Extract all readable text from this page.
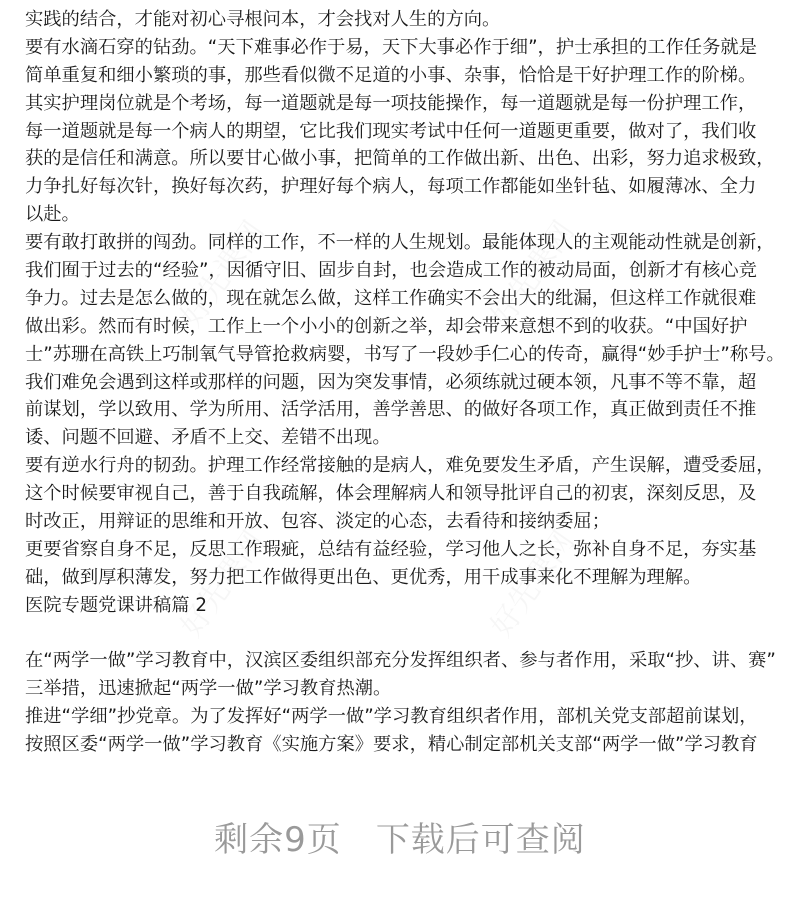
实践的结合，才能对初心寻根问本，才会找对人生的方向。
要有水滴石穿的钻劲。“天下难事必作于易，天下大事必作于细”，护士承担的工作任务就是
简单重复和细小繁琐的事，那些看似微不足道的小事、杂事，恰恰是干好护理工作的阶梯。
其实护理岗位就是个考场，每一道题就是每一项技能操作，每一道题就是每一份护理工作，
每一道题就是每一个病人的期望，它比我们现实考试中任何一道题更重要，做对了，我们收
获的是信任和满意。所以要甘心做小事，把简单的工作做出新、出色、出彩，努力追求极致，
力争扎好每次针，换好每次药，护理好每个病人，每项工作都能如坐针毡、如履薄冰、全力
以赴。
要有敢打敢拼的闯劲。同样的工作，不一样的人生规划。最能体现人的主观能动性就是创新，
我们囿于过去的“经验”，因循守旧、固步自封，也会造成工作的被动局面，创新才有核心竞
争力。过去是怎么做的，现在就怎么做，这样工作确实不会出大的纰漏，但这样工作就很难
做出彩。然而有时候，工作上一个小小的创新之举，却会带来意想不到的收获。“中国好护
士”苏珊在高铁上巧制氧气导管抢救病婴，书写了一段妙手仁心的传奇，赢得“妙手护士”称号。
我们难免会遇到这样或那样的问题，因为突发事情，必须练就过硬本领，凡事不等不靠，超
前谋划，学以致用、学为所用、活学活用，善学善思、的做好各项工作，真正做到责任不推
诿、问题不回避、矛盾不上交、差错不出现。
要有逆水行舟的韧劲。护理工作经常接触的是病人，难免要发生矛盾，产生误解，遭受委屈，
这个时候要审视自己，善于自我疏解，体会理解病人和领导批评自己的初衷，深刻反思，及
时改正，用辩证的思维和开放、包容、淡定的心态，去看待和接纳委屈；
更要省察自身不足，反思工作瑕疵，总结有益经验，学习他人之长，弥补自身不足，夯实基
础，做到厚积薄发，努力把工作做得更出色、更优秀，用干成事来化不理解为理解。
医院专题党课讲稿篇 2
在“两学一做”学习教育中，汉滨区委组织部充分发挥组织者、参与者作用，采取“抄、讲、赛”
三举措，迅速掀起“两学一做”学习教育热潮。
推进“学细”抄党章。为了发挥好“两学一做”学习教育组织者作用，部机关党支部超前谋划，
按照区委“两学一做”学习教育《实施方案》要求，精心制定部机关支部“两学一做”学习教育
剩余9页 下载后可查阅
